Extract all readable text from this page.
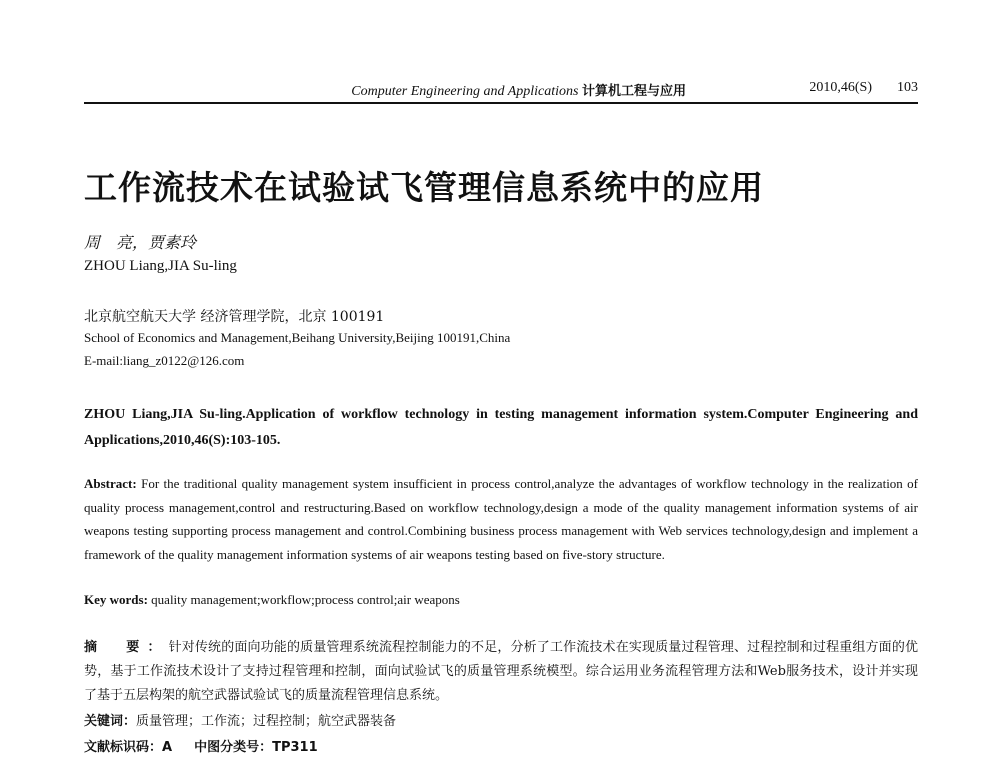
Computer Engineering and Applications 计算机工程与应用	2010,46(S) 103
工作流技术在试验试飞管理信息系统中的应用
周　亮，贾素玲
ZHOU Liang,JIA Su-ling
北京航空航天大学 经济管理学院，北京 100191
School of Economics and Management,Beihang University,Beijing 100191,China
E-mail:liang_z0122@126.com
ZHOU Liang,JIA Su-ling.Application of workflow technology in testing management information system.Computer Engineering and Applications,2010,46(S):103-105.
Abstract: For the traditional quality management system insufficient in process control,analyze the advantages of workflow technology in the realization of quality process management,control and restructuring.Based on workflow technology,design a mode of the quality management information systems of air weapons testing supporting process management and control.Combining business process management with Web services technology,design and implement a framework of the quality management information systems of air weapons testing based on five-story structure.
Key words: quality management;workflow;process control;air weapons
摘　要：针对传统的面向功能的质量管理系统流程控制能力的不足，分析了工作流技术在实现质量过程管理、过程控制和过程重组方面的优势，基于工作流技术设计了支持过程管理和控制，面向试验试飞的质量管理系统模型。综合运用业务流程管理方法和Web服务技术，设计并实现了基于五层构架的航空武器试验试飞的质量流程管理信息系统。
关键词：质量管理；工作流；过程控制；航空武器装备
文献标识码：A 中图分类号：TP311
